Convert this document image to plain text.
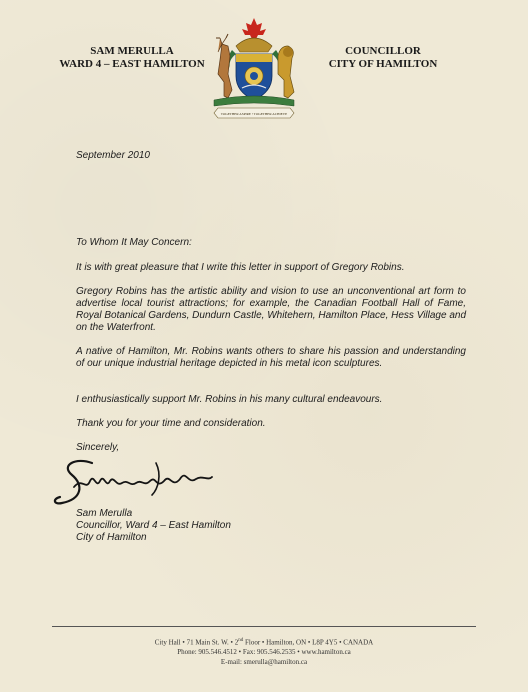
SAM MERULLA
WARD 4 – EAST HAMILTON
TOGETHER ASPIRE • TOGETHER ACHIEVE
COUNCILLOR
CITY OF HAMILTON

September 2010

To Whom It May Concern:

It is with great pleasure that I write this letter in support of Gregory Robins.

Gregory Robins has the artistic ability and vision to use an unconventional art form to advertise local tourist attractions; for example, the Canadian Football Hall of Fame, Royal Botanical Gardens, Dundurn Castle, Whitehern, Hamilton Place, Hess Village and on the Waterfront.

A native of Hamilton, Mr. Robins wants others to share his passion and understanding of our unique industrial heritage depicted in his metal icon sculptures.

I enthusiastically support Mr. Robins in his many cultural endeavours.

Thank you for your time and consideration.

Sincerely,

Sam Merulla
Councillor, Ward 4 – East Hamilton
City of Hamilton
City Hall • 71 Main St. W. • 2nd Floor • Hamilton, ON • L8P 4Y5 • CANADA
Phone: 905.546.4512 • Fax: 905.546.2535 • www.hamilton.ca
E-mail: smerulla@hamilton.ca
